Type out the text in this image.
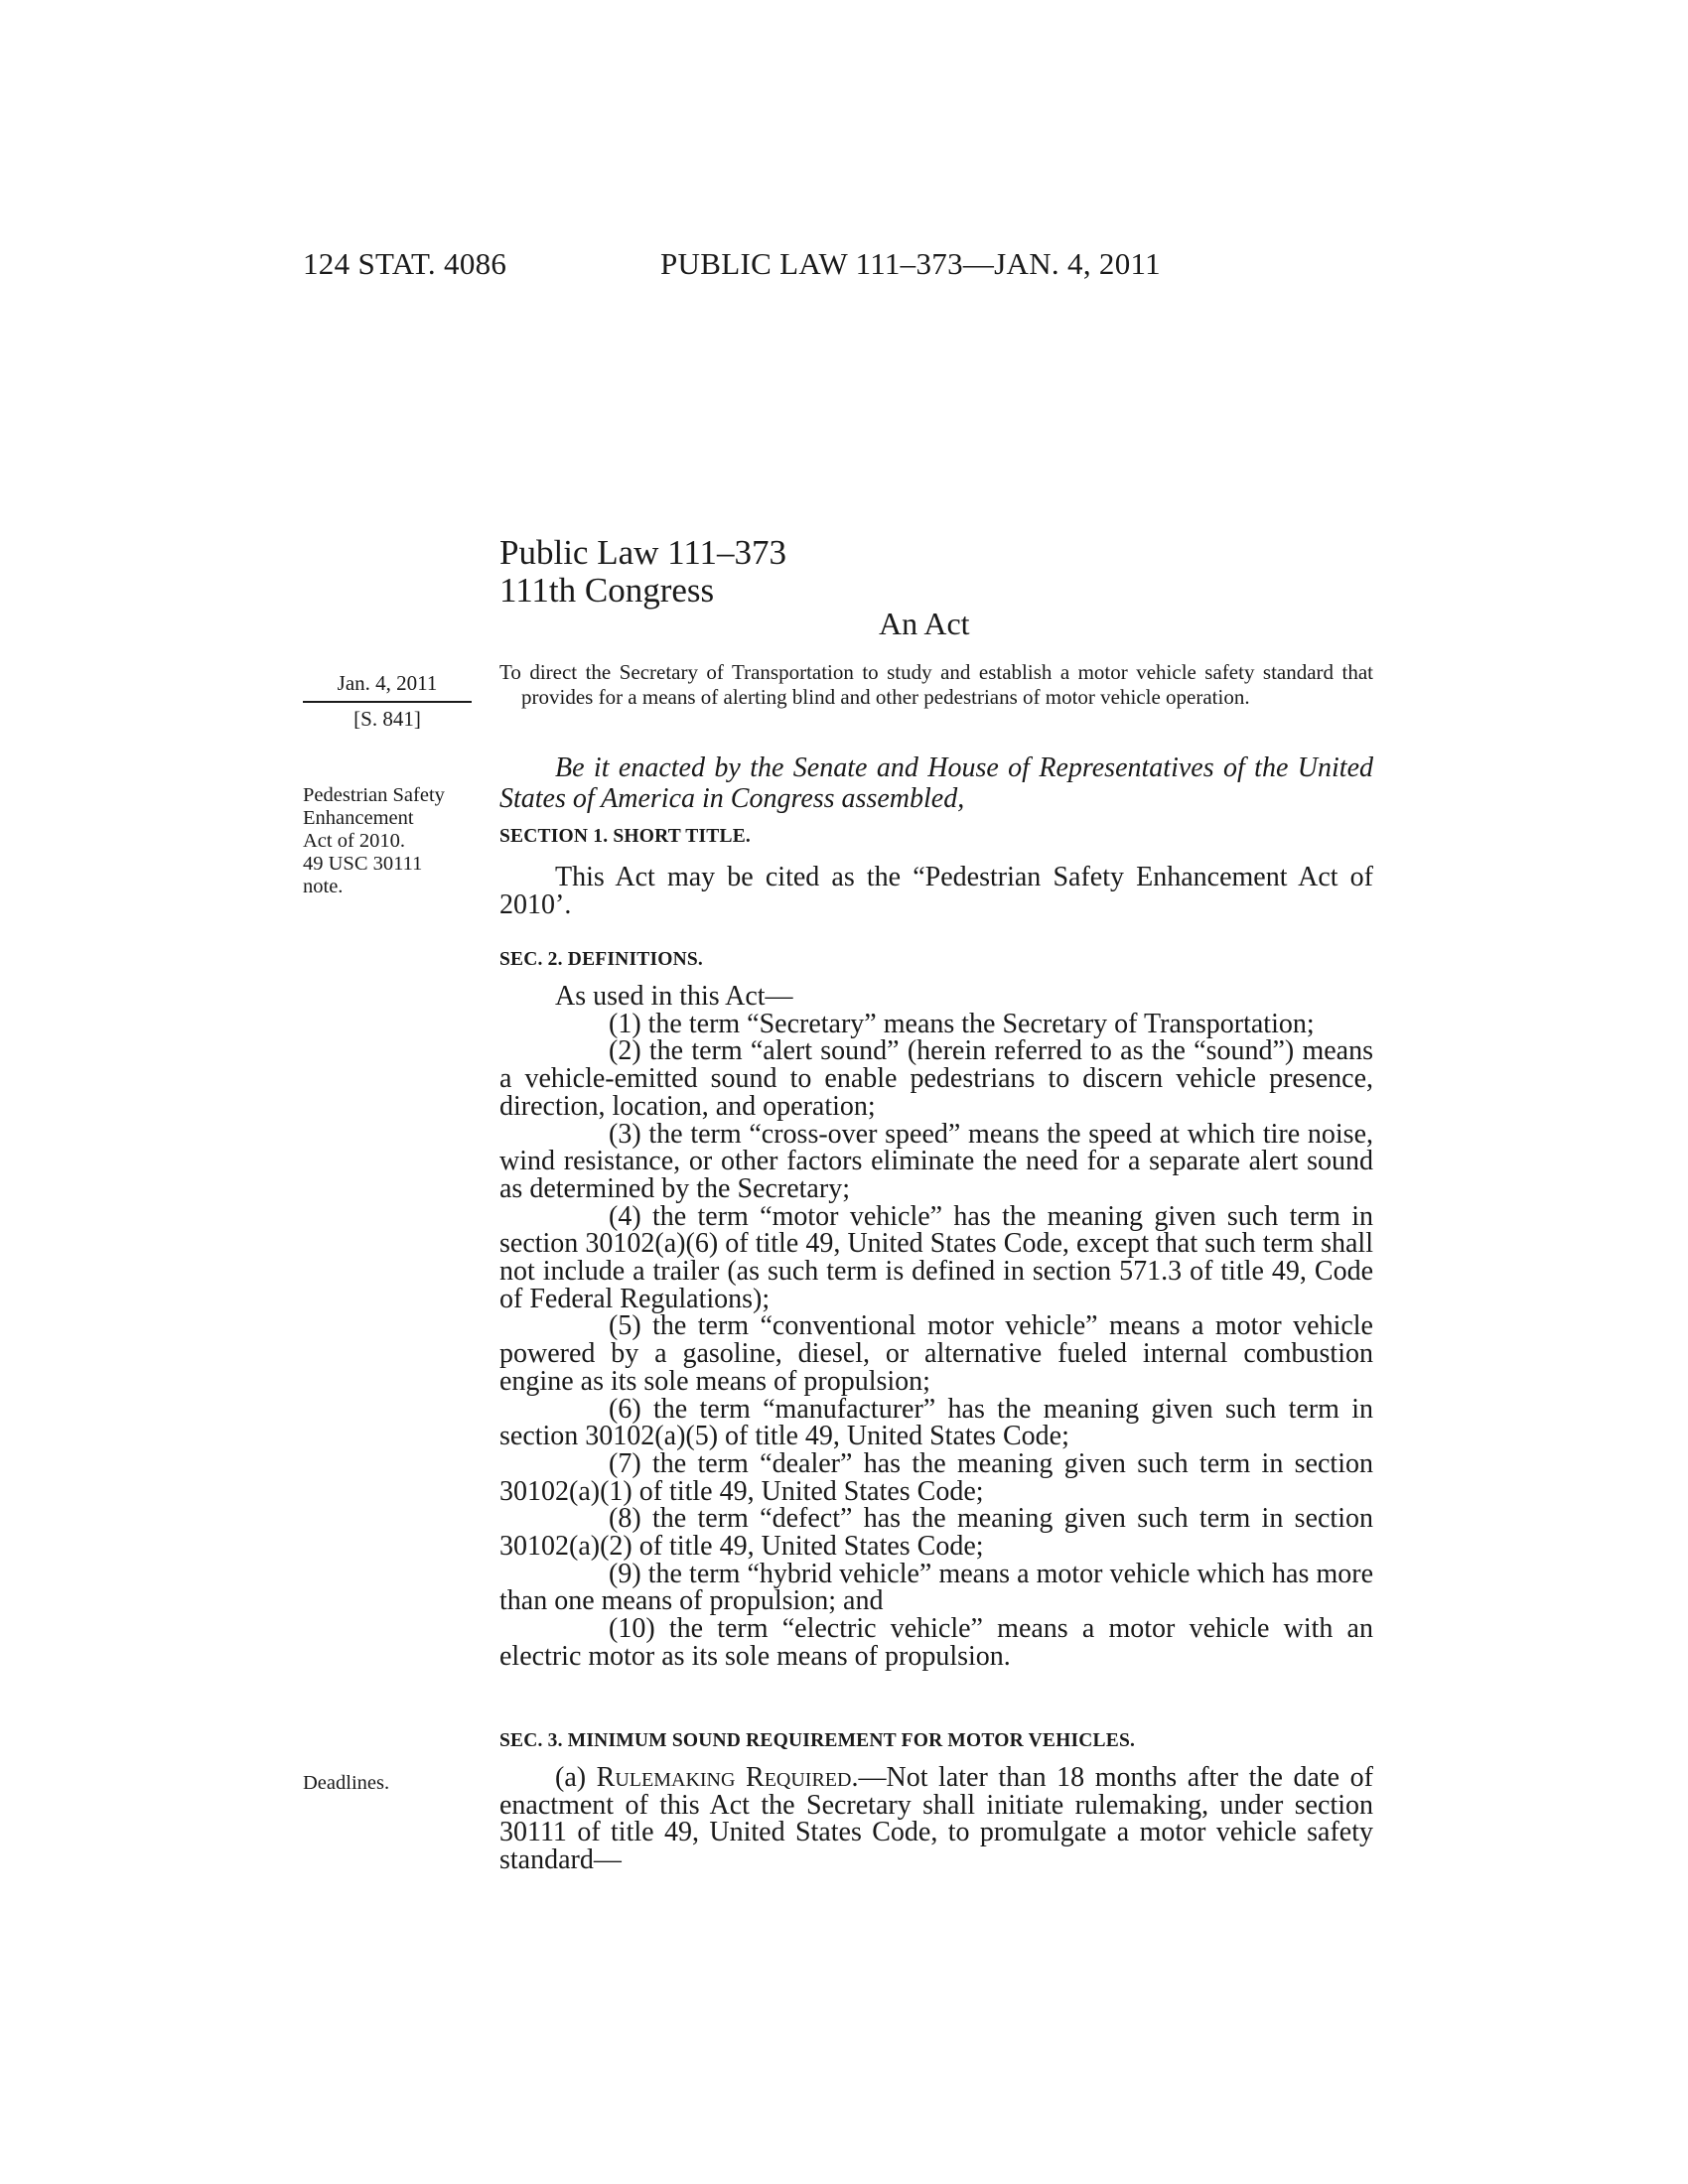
124 STAT. 4086	PUBLIC LAW 111–373—JAN. 4, 2011
Public Law 111–373
111th Congress
An Act
Jan. 4, 2011
[S. 841]

To direct the Secretary of Transportation to study and establish a motor vehicle safety standard that provides for a means of alerting blind and other pedestrians of motor vehicle operation.

Pedestrian Safety
Enhancement
Act of 2010.
49 USC 30111
note.

Be it enacted by the Senate and House of Representatives of the United States of America in Congress assembled,

SECTION 1. SHORT TITLE.

This Act may be cited as the “Pedestrian Safety Enhancement Act of 2010’.

SEC. 2. DEFINITIONS.

As used in this Act—

(1) the term “Secretary” means the Secretary of Transportation;

(2) the term “alert sound” (herein referred to as the “sound”) means a vehicle-emitted sound to enable pedestrians to discern vehicle presence, direction, location, and operation;

(3) the term “cross-over speed” means the speed at which tire noise, wind resistance, or other factors eliminate the need for a separate alert sound as determined by the Secretary;

(4) the term “motor vehicle” has the meaning given such term in section 30102(a)(6) of title 49, United States Code, except that such term shall not include a trailer (as such term is defined in section 571.3 of title 49, Code of Federal Regulations);

(5) the term “conventional motor vehicle” means a motor vehicle powered by a gasoline, diesel, or alternative fueled internal combustion engine as its sole means of propulsion;

(6) the term “manufacturer” has the meaning given such term in section 30102(a)(5) of title 49, United States Code;

(7) the term “dealer” has the meaning given such term in section 30102(a)(1) of title 49, United States Code;

(8) the term “defect” has the meaning given such term in section 30102(a)(2) of title 49, United States Code;

(9) the term “hybrid vehicle” means a motor vehicle which has more than one means of propulsion; and

(10) the term “electric vehicle” means a motor vehicle with an electric motor as its sole means of propulsion.

SEC. 3. MINIMUM SOUND REQUIREMENT FOR MOTOR VEHICLES.
Deadlines.	(a) Rulemaking Required.—Not later than 18 months after the date of enactment of this Act the Secretary shall initiate rulemaking, under section 30111 of title 49, United States Code, to promulgate a motor vehicle safety standard—
